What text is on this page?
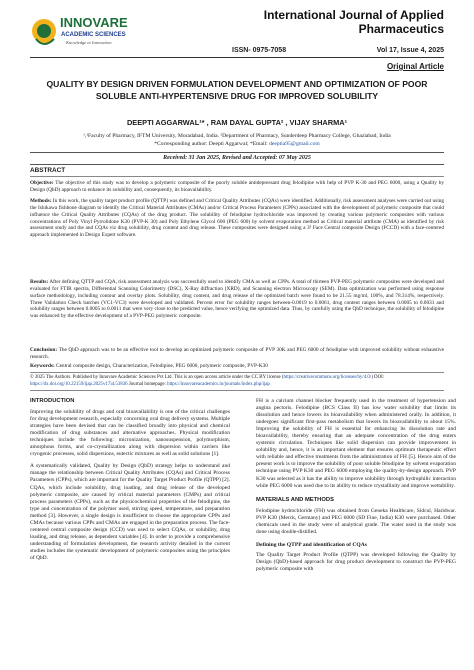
INNOVARE
ACADEMIC SCIENCES
Knowledge to Innovation
International Journal of Applied Pharmaceutics
ISSN- 0975-7058	Vol 17, Issue 4, 2025
Original Article
QUALITY BY DESIGN DRIVEN FORMULATION DEVELOPMENT AND OPTIMIZATION OF POOR
SOLUBLE ANTI-HYPERTENSIVE DRUG FOR IMPROVED SOLUBILITY
DEEPTI AGGARWAL¹* , RAM DAYAL GUPTA² , VIJAY SHARMA¹
¹,²Faculty of Pharmacy, IFTM University, Moradabad, India. ²Department of Pharmacy, Sunderdeep Pharmacy College, Ghaziabad, India
*Corresponding author: Deepti Aggarwal; *Email: deeptia95@gmail.com
Received: 31 Jan 2025, Revised and Accepted: 07 May 2025
ABSTRACT
Objective: The objective of this study was to develop a polymeric composite of the poorly soluble antidepressant drug felodipine with help of PVP K-30 and PEG 6000, using a Quality by Design (QbD) approach to enhance its solubility and, consequently, its bioavailability.
Methods: In this work, the quality target product profile (QTTP) was defined and Critical Quality Attributes (CQAs) were identified. Additionally, risk assessment analyses were carried out using the Ishikawa fishbone diagram to identify the Critical Material Attributes (CMAs) and/or Critical Process Parameters (CPPs) associated with the development of polymeric composite that could influence the Critical Quality Attributes (CQAs) of the drug product. The solubility of felodipine hydrochloride was improved by creating various polymeric composites with various concentrations of Poly Vinyl Pyrrolidone K30 (PVP-K 30) and Poly Ethylene Glycol 600 (PEG 600) by solvent evaporation method as Critical material attribute (CMA) as identified by risk assessment study and the and CQAs viz drug solubility, drug content and drug release. These composites were designed using a 3² Face Central composite Design (FCCD) with a face-centered approach implemented in Design Expert software.
Results: After defining QTTP and CQA, risk assessment analysis was successfully used to identify CMA as well as CPPs. A total of thirteen PVP-PEG polymeric composites were developed and evaluated for FTIR spectra, Differential Scanning Colorimetry (DSC), X-Ray diffraction (XRD), and Scanning electron Microscopy (SEM). Data optimization was performed using response surface methodology, including contour and overlay plots. Solubility, drug content, and drug release of the optimized batch were found to be 21.55 mg/ml, 100%, and 78.314%, respectively. Three Validation Check batches (VC1-VC3) were developed and validated. Percent error for solubility ranges between-0.0019 to 0.0061, drug content ranges between 0.0005 to 0.0031 and solubility ranges between 0.0005 to 0.0011 that were very close to the predicted value, hence verifying the optimized data. Thus, by carefully using the QbD technique, the solubility of felodipine was enhanced by the effective development of a PVP-PEG polymeric composite.
Conclusion: The QbD approach was to be an effective tool to develop an optimized polymeric composite of PVP 30K and PEG 6000 of felodipine with improved solubility without exhaustive research.
Keywords: Central composite design, Characterization, Felodipine, PEG 6000, polymeric composite, PVP-K30
© 2025 The Authors. Published by Innovare Academic Sciences Pvt Ltd. This is an open access article under the CC BY license (https://creativecommons.org/licenses/by/4.0/) DOI: https://dx.doi.org/10.22159/ijap.2025v17i4.53836 Journal homepage: https://innovareacademics.in/journals/index.php/ijap
INTRODUCTION

Improving the solubility of drugs and oral bioavailability is one of the critical challenges for drug development research, especially concerning oral drug delivery systems. Multiple strategies have been devised that can be classified broadly into physical and chemical modification of drug substances and alternative approaches. Physical modification techniques include the following: micronization, nanosuspension, polymorphism, amorphous forms, and co-crystallization along with dispersion within carriers like cryogenic processes, solid dispersions, eutectic mixtures as well as solid solutions [1].

A systematically validated, Quality by Design (QbD) strategy helps to understand and manage the relationship between Critical Quality Attributes (CQAs) and Critical Process Parameters (CPPs), which are important for the Quality Target Product Profile (QTPP) [2]. CQAs, which include solubility, drug loading, and drug release of the developed polymeric composite, are caused by critical material parameters (CMPs) and critical process parameters (CPPs), such as the physicochemical properties of the felodipine, the type and concentration of the polymer used, stirring speed, temperature, and preparation method [3]. However, a single design is insufficient to choose the appropriate CPPs and CMAs because various CPPs and CMAs are engaged in the preparation process. The face-centered central composite design (CCD) was used to select CQAs, or solubility, drug loading, and drug release, as dependent variables [4]. In order to provide a comprehensive understanding of formulation development, the research activity detailed in the current studies includes the systematic development of polymeric composites using the principles of QbD.

FH is a calcium channel blocker frequently used in the treatment of hypertension and angina pectoris. Felodipine (BCS Class II) has low water solubility that limits its dissolution and hence lowers its bioavailability when administered orally. In addition, it undergoes significant first-pass metabolism that lowers its bioavailability to about 15%. Improving the solubility of FH is essential for enhancing its dissolution rate and bioavailability, thereby ensuring that an adequate concentration of the drug enters systemic circulation. Techniques like solid dispersion can provide improvement in solubility and, hence, it is an important element that ensures optimum therapeutic effect with reliable and effective treatments from the administration of FH [5]. Hence aim of the present work is to improve the solubility of poor soluble felodipine by solvent evaporation technique using PVP K30 and PEG 6000 employing the quality-by-design approach. PVP K30 was selected as it has the ability to improve solubility through hydrophilic interaction while PEG 6000 was used due to its ability to reduce crystallinity and improve wettability.

MATERIALS AND METHODS

Felodipine hydrochloride (FH) was obtained from Geneka Healthcare, Sidcul, Haridwar. PVP K30 (Merck, Germany) and PEG 6000 (SD Fine, India) K30 were purchased. Other chemicals used in the study were of analytical grade. The water used in the study was done using double-distilled.

Defining the QTPP and identification of CQAs

The Quality Target Product Profile (QTPP) was developed following the Quality by Design (QbD)-based approach for drug product development to construct the PVP-PEG polymeric composite with
